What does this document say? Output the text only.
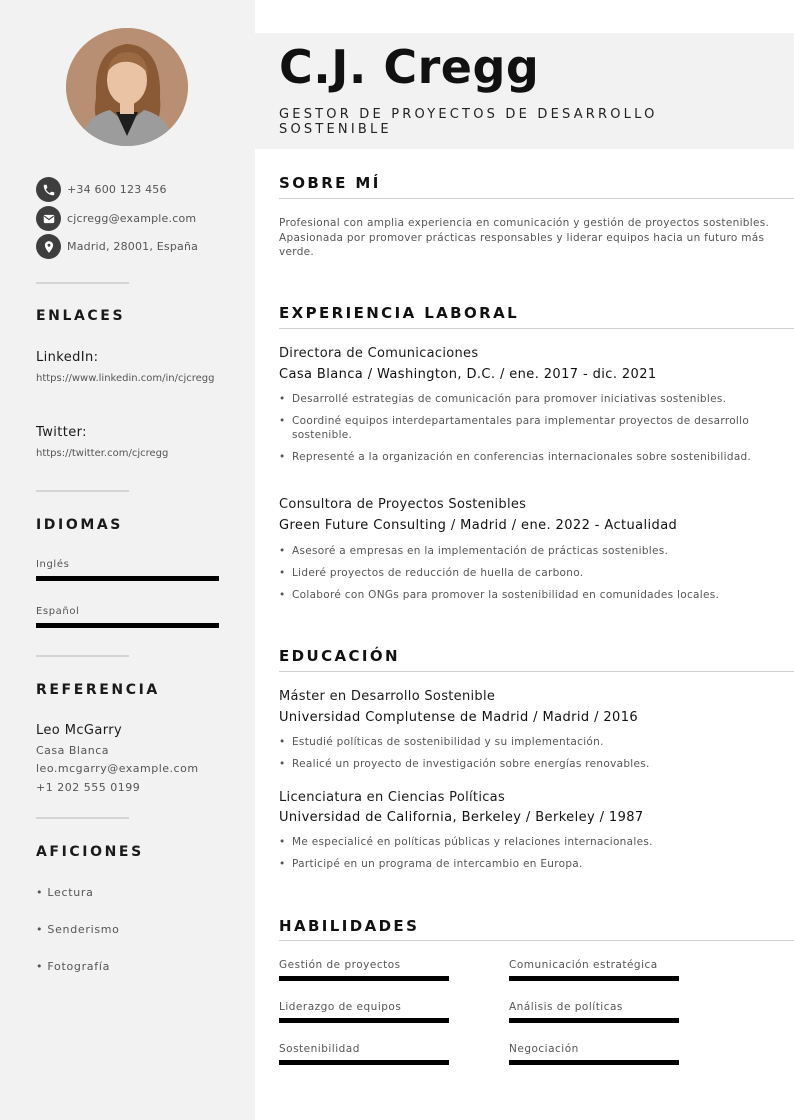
+34 600 123 456
cjcregg@example.com
Madrid, 28001, España
ENLACES
LinkedIn:
https://www.linkedin.com/in/cjcregg
Twitter:
https://twitter.com/cjcregg
IDIOMAS
Inglés
Español
REFERENCIA
Leo McGarry
Casa Blanca
leo.mcgarry@example.com
+1 202 555 0199
AFICIONES
• Lectura
• Senderismo
• Fotografía
C.J. Cregg
GESTOR DE PROYECTOS DE DESARROLLO SOSTENIBLE
SOBRE MÍ
Profesional con amplia experiencia en comunicación y gestión de proyectos sostenibles. Apasionada por promover prácticas responsables y liderar equipos hacia un futuro más verde.
EXPERIENCIA LABORAL
Directora de Comunicaciones
Casa Blanca / Washington, D.C. / ene. 2017 - dic. 2021
• Desarrollé estrategias de comunicación para promover iniciativas sostenibles.
• Coordiné equipos interdepartamentales para implementar proyectos de desarrollo sostenible.
• Representé a la organización en conferencias internacionales sobre sostenibilidad.
Consultora de Proyectos Sostenibles
Green Future Consulting / Madrid / ene. 2022 - Actualidad
• Asesoré a empresas en la implementación de prácticas sostenibles.
• Lideré proyectos de reducción de huella de carbono.
• Colaboré con ONGs para promover la sostenibilidad en comunidades locales.
EDUCACIÓN
Máster en Desarrollo Sostenible
Universidad Complutense de Madrid / Madrid / 2016
• Estudié políticas de sostenibilidad y su implementación.
• Realicé un proyecto de investigación sobre energías renovables.
Licenciatura en Ciencias Políticas
Universidad de California, Berkeley / Berkeley / 1987
• Me especialicé en políticas públicas y relaciones internacionales.
• Participé en un programa de intercambio en Europa.
HABILIDADES
Gestión de proyectos	Comunicación estratégica
Liderazgo de equipos	Análisis de políticas
Sostenibilidad	Negociación
